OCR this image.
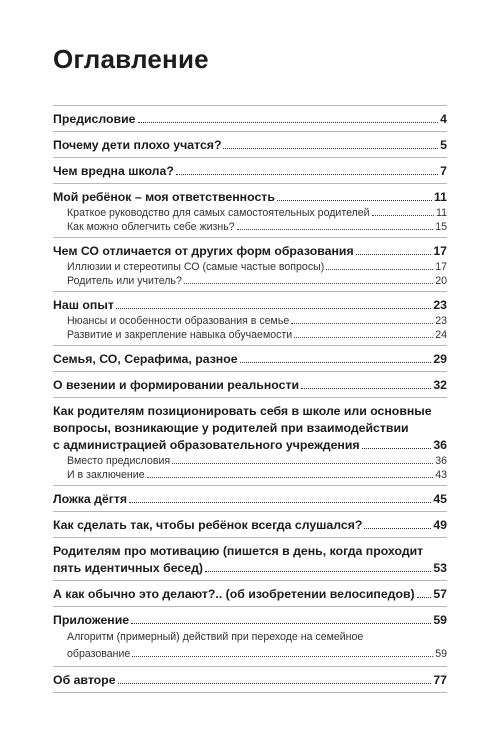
Оглавление
Предисловие	4
Почему дети плохо учатся?	5
Чем вредна школа?	7
Мой ребёнок – моя ответственность	11
Краткое руководство для самых самостоятельных родителей	11
Как можно облегчить себе жизнь?	15
Чем СО отличается от других форм образования	17
Иллюзии и стереотипы СО (самые частые вопросы)	17
Родитель или учитель?	20
Наш опыт	23
Нюансы и особенности образования в семье	23
Развитие и закрепление навыка обучаемости	24
Семья, СО, Серафима, разное	29
О везении и формировании реальности	32
Как родителям позиционировать себя в школе или основные
вопросы, возникающие у родителей при взаимодействии
с администрацией образовательного учреждения	36
Вместо предисловия	36
И в заключение	43
Ложка дёгтя	45
Как сделать так, чтобы ребёнок всегда слушался?	49
Родителям про мотивацию (пишется в день, когда проходит
пять идентичных бесед)	53
А как обычно это делают?.. (об изобретении велосипедов) 57
Приложение	59
Алгоритм (примерный) действий при переходе на семейное
образование	59
Об авторе	77
